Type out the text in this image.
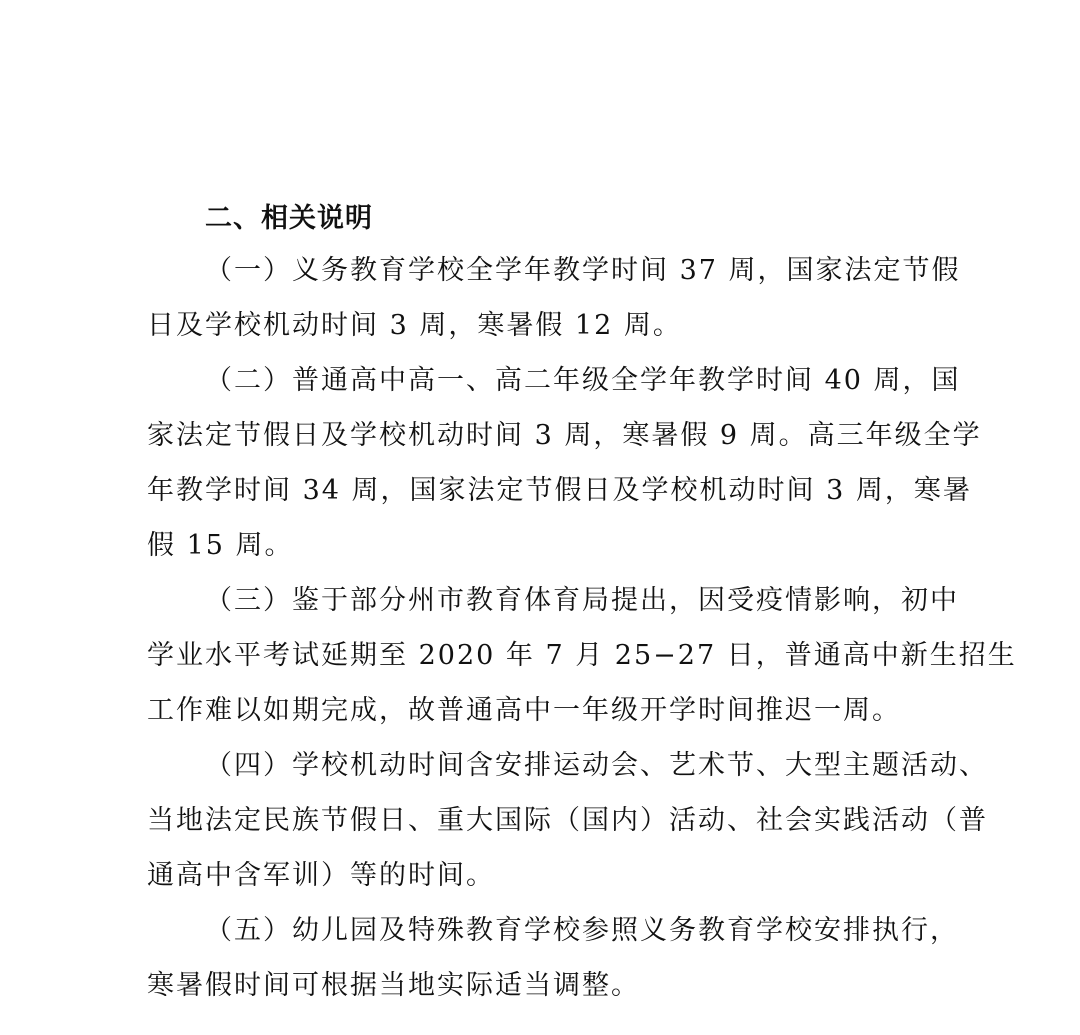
二、相关说明
（一）义务教育学校全学年教学时间 37 周，国家法定节假
日及学校机动时间 3 周，寒暑假 12 周。
（二）普通高中高一、高二年级全学年教学时间 40 周，国
家法定节假日及学校机动时间 3 周，寒暑假 9 周。高三年级全学
年教学时间 34 周，国家法定节假日及学校机动时间 3 周，寒暑
假 15 周。
（三）鉴于部分州市教育体育局提出，因受疫情影响，初中
学业水平考试延期至 2020 年 7 月 25−27 日，普通高中新生招生
工作难以如期完成，故普通高中一年级开学时间推迟一周。
（四）学校机动时间含安排运动会、艺术节、大型主题活动、
当地法定民族节假日、重大国际（国内）活动、社会实践活动（普
通高中含军训）等的时间。
（五）幼儿园及特殊教育学校参照义务教育学校安排执行，
寒暑假时间可根据当地实际适当调整。
